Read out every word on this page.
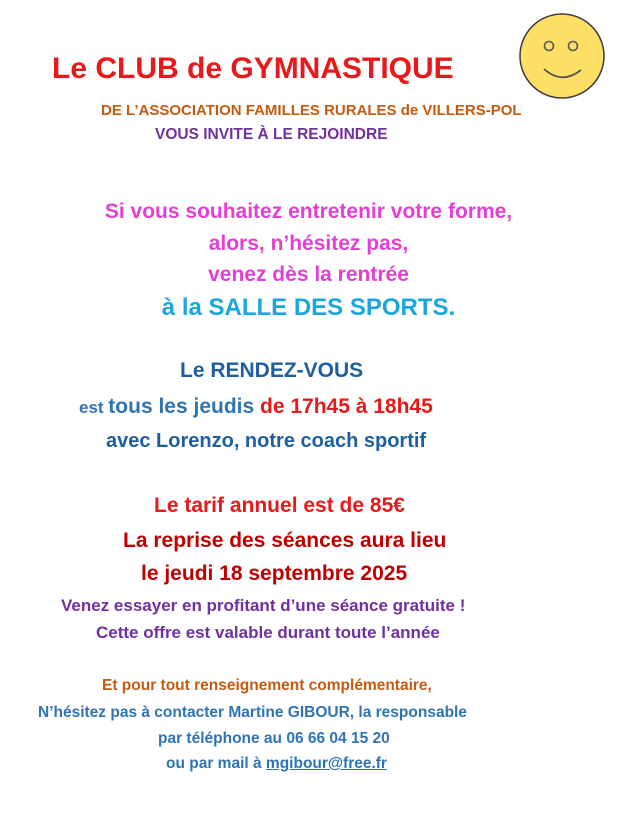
Le CLUB de GYMNASTIQUE
DE L’ASSOCIATION FAMILLES RURALES de VILLERS-POL
VOUS INVITE À LE REJOINDRE
Si vous souhaitez entretenir votre forme,
alors, n’hésitez pas,
venez dès la rentrée
à la SALLE DES SPORTS.
Le RENDEZ-VOUS
est tous les jeudis de 17h45 à 18h45
avec Lorenzo, notre coach sportif
Le tarif annuel est de 85€
La reprise des séances aura lieu
le jeudi 18 septembre 2025
Venez essayer en profitant d’une séance gratuite !
Cette offre est valable durant toute l’année
Et pour tout renseignement complémentaire,
N’hésitez pas à contacter Martine GIBOUR, la responsable
par téléphone au 06 66 04 15 20
ou par mail à mgibour@free.fr
